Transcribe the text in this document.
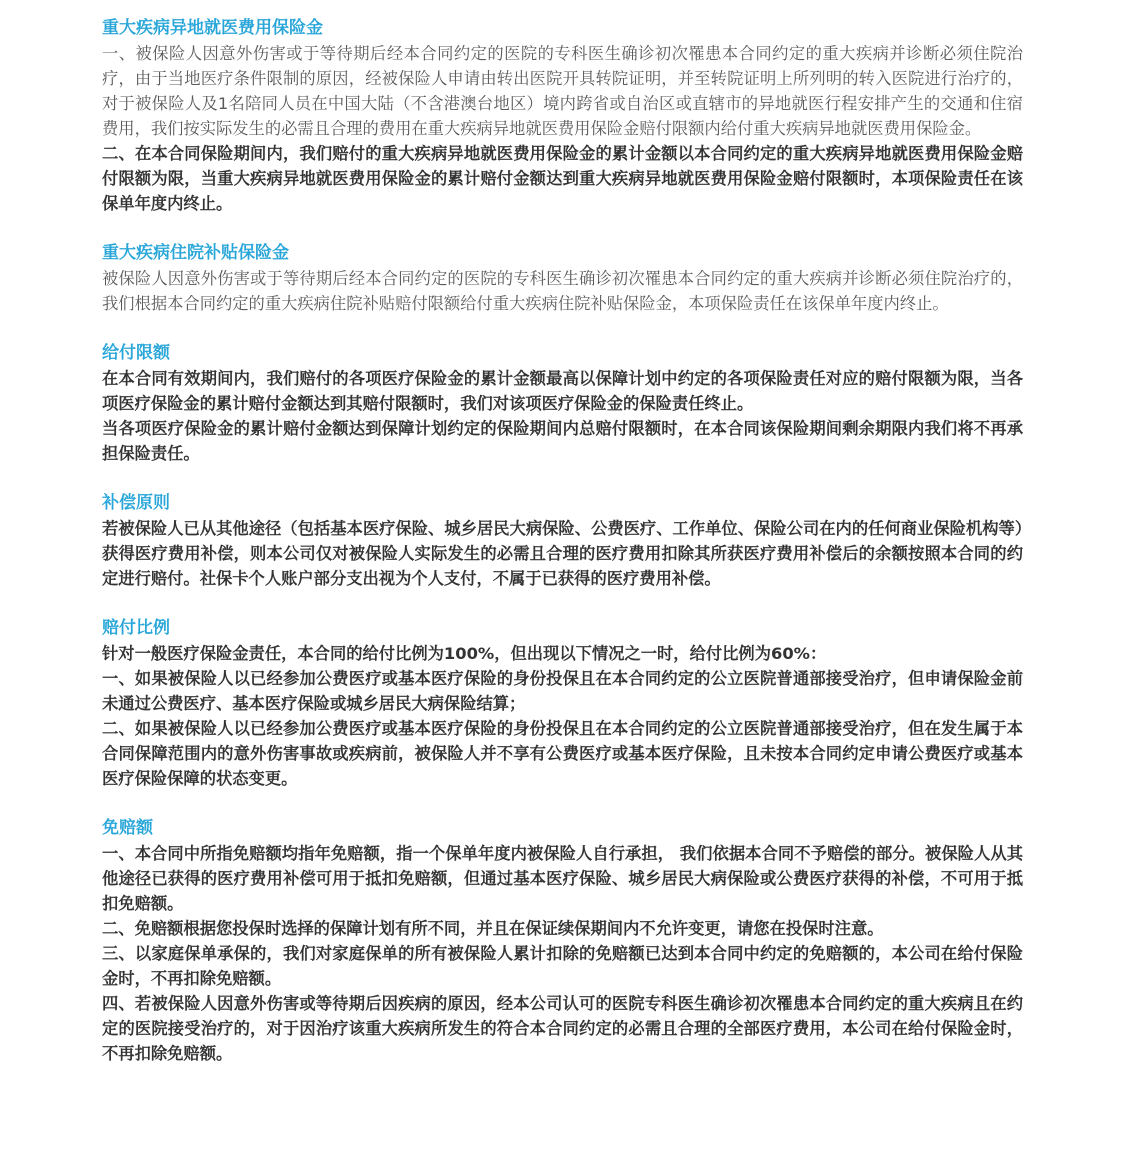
重大疾病异地就医费用保险金

一、被保险人因意外伤害或于等待期后经本合同约定的医院的专科医生确诊初次罹患本合同约定的重大疾病并诊断必须住院治疗，由于当地医疗条件限制的原因，经被保险人申请由转出医院开具转院证明，并至转院证明上所列明的转入医院进行治疗的，对于被保险人及1名陪同人员在中国大陆（不含港澳台地区）境内跨省或自治区或直辖市的异地就医行程安排产生的交通和住宿费用，我们按实际发生的必需且合理的费用在重大疾病异地就医费用保险金赔付限额内给付重大疾病异地就医费用保险金。

二、在本合同保险期间内，我们赔付的重大疾病异地就医费用保险金的累计金额以本合同约定的重大疾病异地就医费用保险金赔付限额为限，当重大疾病异地就医费用保险金的累计赔付金额达到重大疾病异地就医费用保险金赔付限额时，本项保险责任在该保单年度内终止。

重大疾病住院补贴保险金

被保险人因意外伤害或于等待期后经本合同约定的医院的专科医生确诊初次罹患本合同约定的重大疾病并诊断必须住院治疗的，我们根据本合同约定的重大疾病住院补贴赔付限额给付重大疾病住院补贴保险金，本项保险责任在该保单年度内终止。

给付限额

在本合同有效期间内，我们赔付的各项医疗保险金的累计金额最高以保障计划中约定的各项保险责任对应的赔付限额为限，当各项医疗保险金的累计赔付金额达到其赔付限额时，我们对该项医疗保险金的保险责任终止。

当各项医疗保险金的累计赔付金额达到保障计划约定的保险期间内总赔付限额时，在本合同该保险期间剩余期限内我们将不再承担保险责任。

补偿原则

若被保险人已从其他途径（包括基本医疗保险、城乡居民大病保险、公费医疗、工作单位、保险公司在内的任何商业保险机构等）获得医疗费用补偿，则本公司仅对被保险人实际发生的必需且合理的医疗费用扣除其所获医疗费用补偿后的余额按照本合同的约定进行赔付。社保卡个人账户部分支出视为个人支付，不属于已获得的医疗费用补偿。

赔付比例

针对一般医疗保险金责任，本合同的给付比例为100%，但出现以下情况之一时，给付比例为60%：

一、如果被保险人以已经参加公费医疗或基本医疗保险的身份投保且在本合同约定的公立医院普通部接受治疗，但申请保险金前未通过公费医疗、基本医疗保险或城乡居民大病保险结算；

二、如果被保险人以已经参加公费医疗或基本医疗保险的身份投保且在本合同约定的公立医院普通部接受治疗，但在发生属于本合同保障范围内的意外伤害事故或疾病前，被保险人并不享有公费医疗或基本医疗保险，且未按本合同约定申请公费医疗或基本医疗保险保障的状态变更。

免赔额

一、本合同中所指免赔额均指年免赔额，指一个保单年度内被保险人自行承担， 我们依据本合同不予赔偿的部分。被保险人从其他途径已获得的医疗费用补偿可用于抵扣免赔额，但通过基本医疗保险、城乡居民大病保险或公费医疗获得的补偿，不可用于抵扣免赔额。

二、免赔额根据您投保时选择的保障计划有所不同，并且在保证续保期间内不允许变更，请您在投保时注意。

三、以家庭保单承保的，我们对家庭保单的所有被保险人累计扣除的免赔额已达到本合同中约定的免赔额的，本公司在给付保险金时，不再扣除免赔额。

四、若被保险人因意外伤害或等待期后因疾病的原因，经本公司认可的医院专科医生确诊初次罹患本合同约定的重大疾病且在约定的医院接受治疗的，对于因治疗该重大疾病所发生的符合本合同约定的必需且合理的全部医疗费用，本公司在给付保险金时，不再扣除免赔额。
